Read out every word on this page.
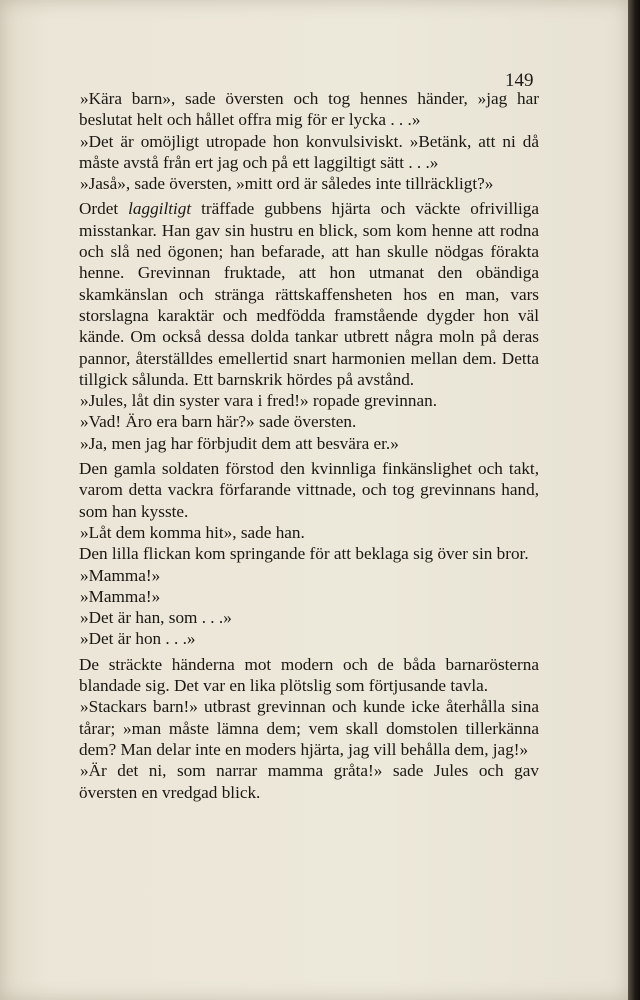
149

»Kära barn», sade översten och tog hennes händer, »jag har beslutat helt och hållet offra mig för er lycka . . .»

»Det är omöjligt utropade hon konvulsiviskt. »Betänk, att ni då måste avstå från ert jag och på ett laggiltigt sätt . . .»

»Jaså», sade översten, »mitt ord är således inte tillräckligt?»

Ordet laggiltigt träffade gubbens hjärta och väckte ofrivilliga misstankar. Han gav sin hustru en blick, som kom henne att rodna och slå ned ögonen; han befarade, att han skulle nödgas förakta henne. Grevinnan fruktade, att hon utmanat den obändiga skamkänslan och stränga rättskaffensheten hos en man, vars storslagna karaktär och medfödda framstående dygder hon väl kände. Om också dessa dolda tankar utbrett några moln på deras pannor, återställdes emellertid snart harmonien mellan dem. Detta tillgick sålunda. Ett barnskrik hördes på avstånd.

»Jules, låt din syster vara i fred!» ropade grevinnan.

»Vad! Äro era barn här?» sade översten.

»Ja, men jag har förbjudit dem att besvära er.»

Den gamla soldaten förstod den kvinnliga finkänslighet och takt, varom detta vackra förfarande vittnade, och tog grevinnans hand, som han kysste.

»Låt dem komma hit», sade han.

Den lilla flickan kom springande för att beklaga sig över sin bror.

»Mamma!»

»Mamma!»

»Det är han, som . . .»

»Det är hon . . .»

De sträckte händerna mot modern och de båda barnarösterna blandade sig. Det var en lika plötslig som förtjusande tavla.

»Stackars barn!» utbrast grevinnan och kunde icke återhålla sina tårar; »man måste lämna dem; vem skall domstolen tillerkänna dem? Man delar inte en moders hjärta, jag vill behålla dem, jag!»

»Är det ni, som narrar mamma gråta!» sade Jules och gav översten en vredgad blick.
